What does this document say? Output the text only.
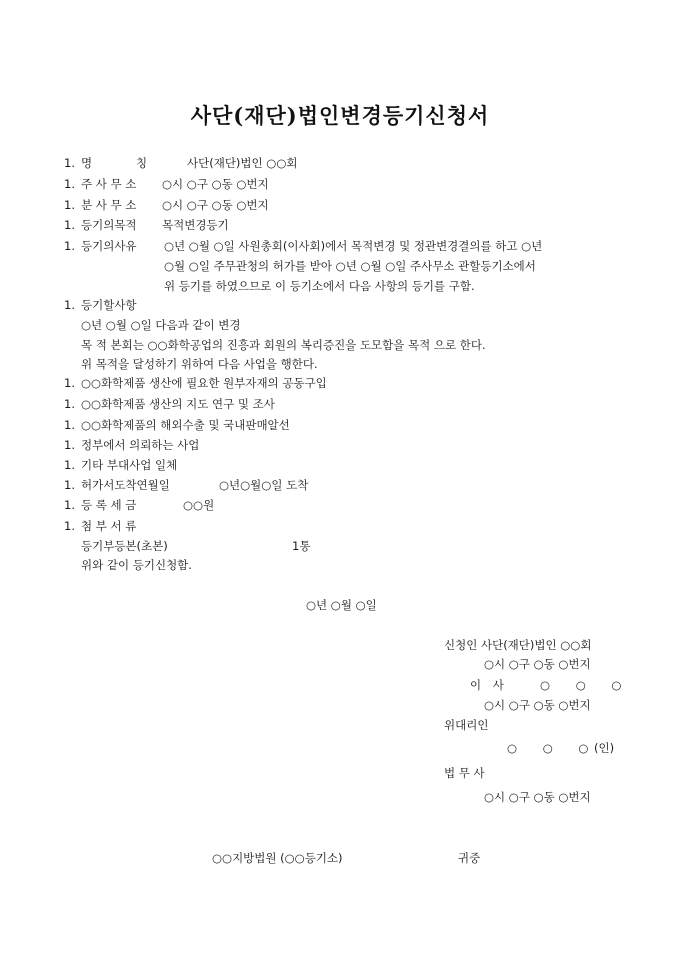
사단(재단)법인변경등기신청서
1. 명            칭	사단(재단)법인 ○○회
1. 주 사 무 소 ○시 ○구 ○동 ○번지
1. 분 사 무 소 ○시 ○구 ○동 ○번지
1. 등기의목적 목적변경등기
1. 등기의사유	○년 ○월 ○일 사원총회(이사회)에서 목적변경 및 정관변경결의를 하고 ○년
○월 ○일 주무관청의 허가를 받아 ○년 ○월 ○일 주사무소 관할등기소에서
위 등기를 하였으므로 이 등기소에서 다음 사항의 등기를 구함.
1. 등기할사항
○년 ○월 ○일 다음과 같이 변경
목 적 본회는 ○○화학공업의 진흥과 회원의 복리증진을 도모함을 목적 으로 한다.
위 목적을 달성하기 위하여 다음 사업을 행한다.
1. ○○화학제품 생산에 필요한 원부자재의 공동구입
1. ○○화학제품 생산의 지도 연구 및 조사
1. ○○화학제품의 해외수출 및 국내판매알선
1. 정부에서 의뢰하는 사업
1. 기타 부대사업 일체
1. 허가서도착연월일	○년○월○일 도착
1. 등 록 세 금	○○원
1. 첨 부 서 류
등기부등본(초본)	1통
위와 같이 등기신청함.
○년 ○월 ○일
신청인 사단(재단)법인 ○○회
○시 ○구 ○동 ○번지
이 사	○ ○ ○
○시 ○구 ○동 ○번지
위대리인
○ ○ ○ (인)
법 무 사
○시 ○구 ○동 ○번지
○○지방법원 (○○등기소)	귀중
